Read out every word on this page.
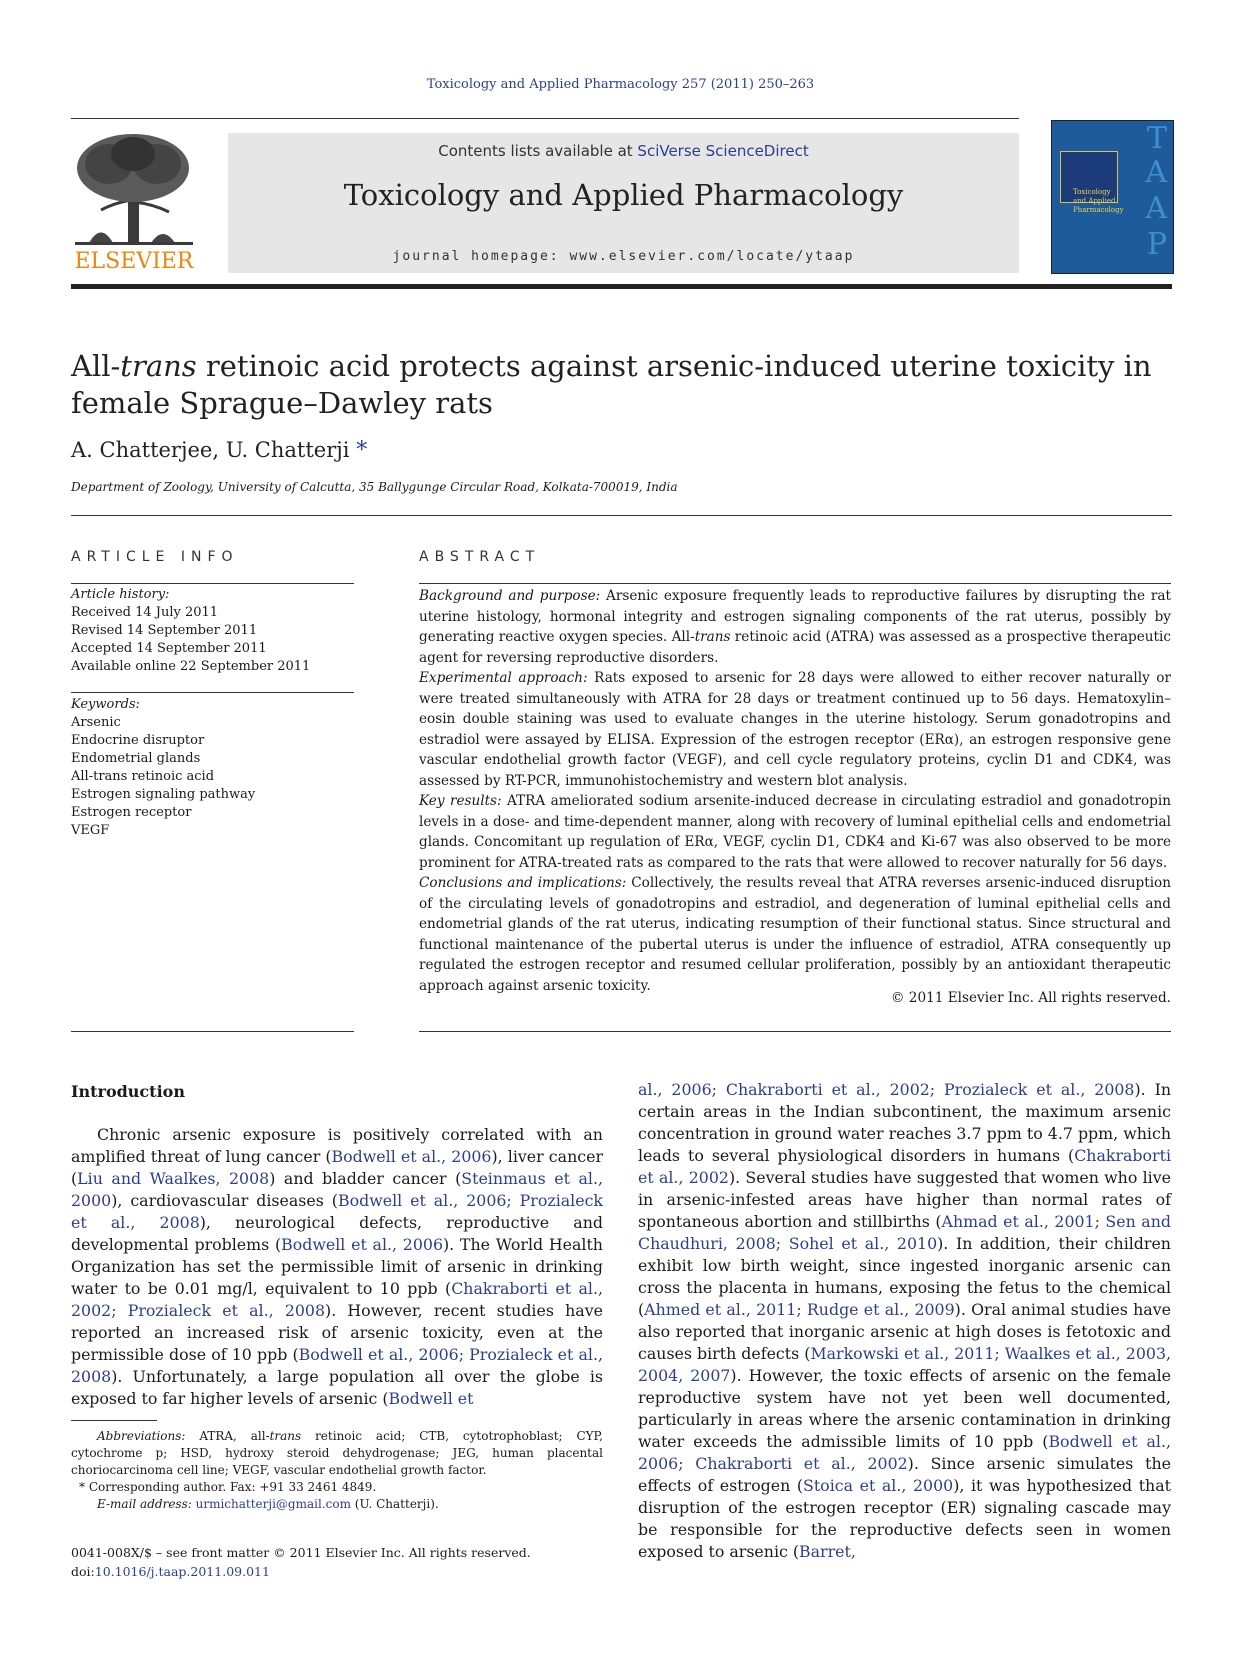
Toxicology and Applied Pharmacology 257 (2011) 250–263
ELSEVIER
Contents lists available at SciVerse ScienceDirect
Toxicology and Applied Pharmacology
journal homepage: www.elsevier.com/locate/ytaap
Toxicology and Applied Pharmacology
T
A
A
P
All-trans retinoic acid protects against arsenic-induced uterine toxicity in female Sprague–Dawley rats
A. Chatterjee, U. Chatterji *
Department of Zoology, University of Calcutta, 35 Ballygunge Circular Road, Kolkata-700019, India
ARTICLE INFO
Article history:
Received 14 July 2011
Revised 14 September 2011
Accepted 14 September 2011
Available online 22 September 2011
Keywords:
Arsenic
Endocrine disruptor
Endometrial glands
All-trans retinoic acid
Estrogen signaling pathway
Estrogen receptor
VEGF
ABSTRACT
Background and purpose: Arsenic exposure frequently leads to reproductive failures by disrupting the rat uterine histology, hormonal integrity and estrogen signaling components of the rat uterus, possibly by generating reactive oxygen species. All-trans retinoic acid (ATRA) was assessed as a prospective therapeutic agent for reversing reproductive disorders.
Experimental approach: Rats exposed to arsenic for 28 days were allowed to either recover naturally or were treated simultaneously with ATRA for 28 days or treatment continued up to 56 days. Hematoxylin–eosin double staining was used to evaluate changes in the uterine histology. Serum gonadotropins and estradiol were assayed by ELISA. Expression of the estrogen receptor (ERα), an estrogen responsive gene vascular endothelial growth factor (VEGF), and cell cycle regulatory proteins, cyclin D1 and CDK4, was assessed by RT-PCR, immunohistochemistry and western blot analysis.
Key results: ATRA ameliorated sodium arsenite-induced decrease in circulating estradiol and gonadotropin levels in a dose- and time-dependent manner, along with recovery of luminal epithelial cells and endometrial glands. Concomitant up regulation of ERα, VEGF, cyclin D1, CDK4 and Ki-67 was also observed to be more prominent for ATRA-treated rats as compared to the rats that were allowed to recover naturally for 56 days.
Conclusions and implications: Collectively, the results reveal that ATRA reverses arsenic-induced disruption of the circulating levels of gonadotropins and estradiol, and degeneration of luminal epithelial cells and endometrial glands of the rat uterus, indicating resumption of their functional status. Since structural and functional maintenance of the pubertal uterus is under the influence of estradiol, ATRA consequently up regulated the estrogen receptor and resumed cellular proliferation, possibly by an antioxidant therapeutic approach against arsenic toxicity.
© 2011 Elsevier Inc. All rights reserved.
Introduction
Chronic arsenic exposure is positively correlated with an amplified threat of lung cancer (Bodwell et al., 2006), liver cancer (Liu and Waalkes, 2008) and bladder cancer (Steinmaus et al., 2000), cardiovascular diseases (Bodwell et al., 2006; Prozialeck et al., 2008), neurological defects, reproductive and developmental problems (Bodwell et al., 2006). The World Health Organization has set the permissible limit of arsenic in drinking water to be 0.01 mg/l, equivalent to 10 ppb (Chakraborti et al., 2002; Prozialeck et al., 2008). However, recent studies have reported an increased risk of arsenic toxicity, even at the permissible dose of 10 ppb (Bodwell et al., 2006; Prozialeck et al., 2008). Unfortunately, a large population all over the globe is exposed to far higher levels of arsenic (Bodwell et
al., 2006; Chakraborti et al., 2002; Prozialeck et al., 2008). In certain areas in the Indian subcontinent, the maximum arsenic concentration in ground water reaches 3.7 ppm to 4.7 ppm, which leads to several physiological disorders in humans (Chakraborti et al., 2002). Several studies have suggested that women who live in arsenic-infested areas have higher than normal rates of spontaneous abortion and stillbirths (Ahmad et al., 2001; Sen and Chaudhuri, 2008; Sohel et al., 2010). In addition, their children exhibit low birth weight, since ingested inorganic arsenic can cross the placenta in humans, exposing the fetus to the chemical (Ahmed et al., 2011; Rudge et al., 2009). Oral animal studies have also reported that inorganic arsenic at high doses is fetotoxic and causes birth defects (Markowski et al., 2011; Waalkes et al., 2003, 2004, 2007). However, the toxic effects of arsenic on the female reproductive system have not yet been well documented, particularly in areas where the arsenic contamination in drinking water exceeds the admissible limits of 10 ppb (Bodwell et al., 2006; Chakraborti et al., 2002). Since arsenic simulates the effects of estrogen (Stoica et al., 2000), it was hypothesized that disruption of the estrogen receptor (ER) signaling cascade may be responsible for the reproductive defects seen in women exposed to arsenic (Barret,
Abbreviations: ATRA, all-trans retinoic acid; CTB, cytotrophoblast; CYP, cytochrome p; HSD, hydroxy steroid dehydrogenase; JEG, human placental choriocarcinoma cell line; VEGF, vascular endothelial growth factor.
* Corresponding author. Fax: +91 33 2461 4849.
E-mail address: urmichatterji@gmail.com (U. Chatterji).
0041-008X/$ – see front matter © 2011 Elsevier Inc. All rights reserved.
doi:10.1016/j.taap.2011.09.011
